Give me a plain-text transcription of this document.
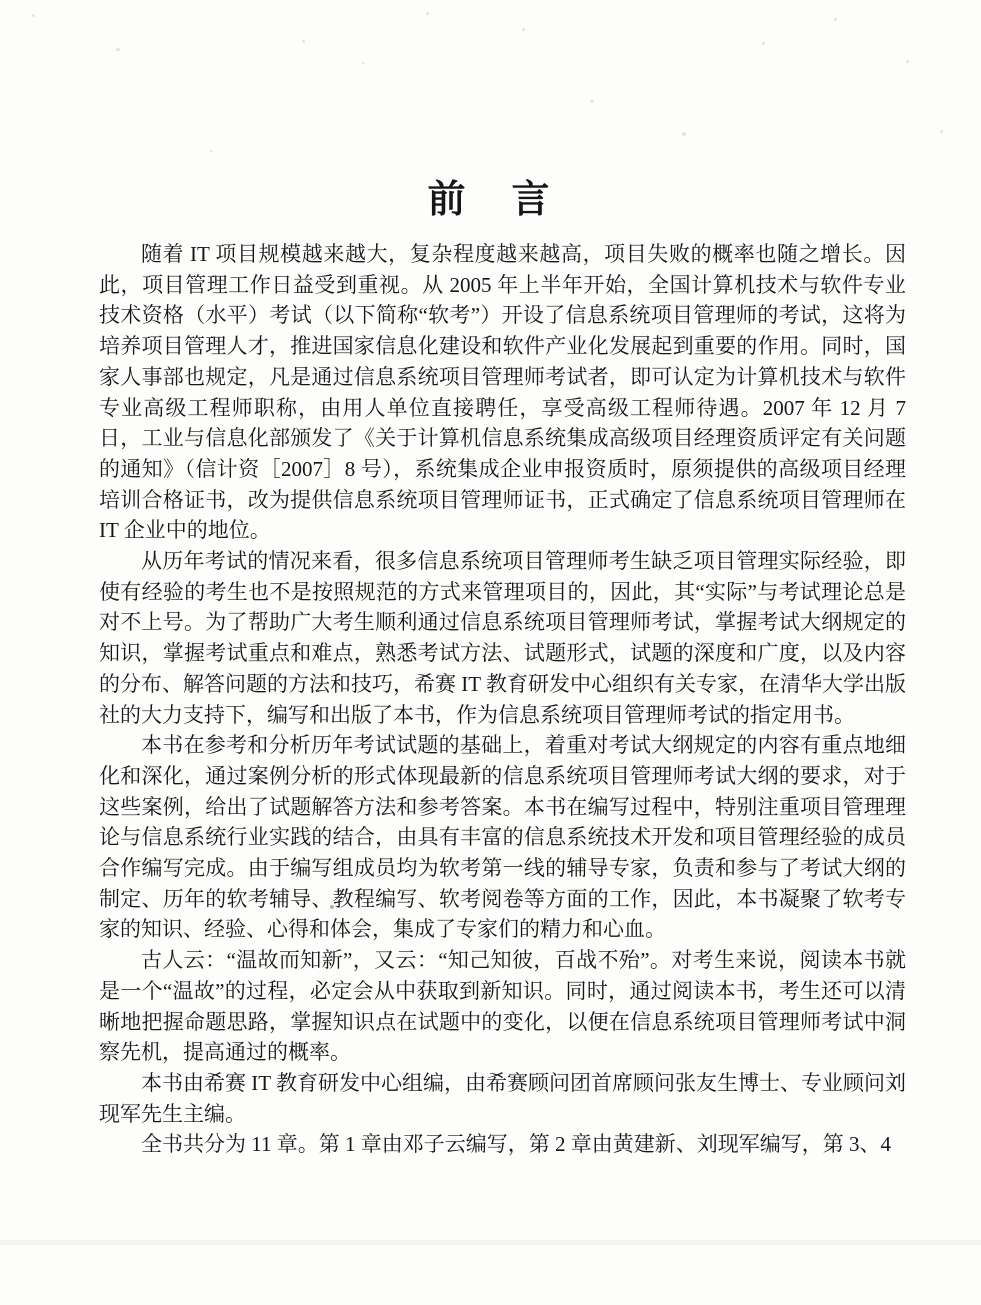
前　言

随着 IT 项目规模越来越大，复杂程度越来越高，项目失败的概率也随之增长。因此，项目管理工作日益受到重视。从 2005 年上半年开始，全国计算机技术与软件专业技术资格（水平）考试（以下简称“软考”）开设了信息系统项目管理师的考试，这将为培养项目管理人才，推进国家信息化建设和软件产业化发展起到重要的作用。同时，国家人事部也规定，凡是通过信息系统项目管理师考试者，即可认定为计算机技术与软件专业高级工程师职称，由用人单位直接聘任，享受高级工程师待遇。2007 年 12 月 7 日，工业与信息化部颁发了《关于计算机信息系统集成高级项目经理资质评定有关问题的通知》（信计资［2007］8 号），系统集成企业申报资质时，原须提供的高级项目经理培训合格证书，改为提供信息系统项目管理师证书，正式确定了信息系统项目管理师在 IT 企业中的地位。

从历年考试的情况来看，很多信息系统项目管理师考生缺乏项目管理实际经验，即使有经验的考生也不是按照规范的方式来管理项目的，因此，其“实际”与考试理论总是对不上号。为了帮助广大考生顺利通过信息系统项目管理师考试，掌握考试大纲规定的知识，掌握考试重点和难点，熟悉考试方法、试题形式，试题的深度和广度，以及内容的分布、解答问题的方法和技巧，希赛 IT 教育研发中心组织有关专家，在清华大学出版社的大力支持下，编写和出版了本书，作为信息系统项目管理师考试的指定用书。

本书在参考和分析历年考试试题的基础上，着重对考试大纲规定的内容有重点地细化和深化，通过案例分析的形式体现最新的信息系统项目管理师考试大纲的要求，对于这些案例，给出了试题解答方法和参考答案。本书在编写过程中，特别注重项目管理理论与信息系统行业实践的结合，由具有丰富的信息系统技术开发和项目管理经验的成员合作编写完成。由于编写组成员均为软考第一线的辅导专家，负责和参与了考试大纲的制定、历年的软考辅导、教程编写、软考阅卷等方面的工作，因此，本书凝聚了软考专家的知识、经验、心得和体会，集成了专家们的精力和心血。

古人云：“温故而知新”，又云：“知己知彼，百战不殆”。对考生来说，阅读本书就是一个“温故”的过程，必定会从中获取到新知识。同时，通过阅读本书，考生还可以清晰地把握命题思路，掌握知识点在试题中的变化，以便在信息系统项目管理师考试中洞察先机，提高通过的概率。

本书由希赛 IT 教育研发中心组编，由希赛顾问团首席顾问张友生博士、专业顾问刘现军先生主编。

全书共分为 11 章。第 1 章由邓子云编写，第 2 章由黄建新、刘现军编写，第 3、4
